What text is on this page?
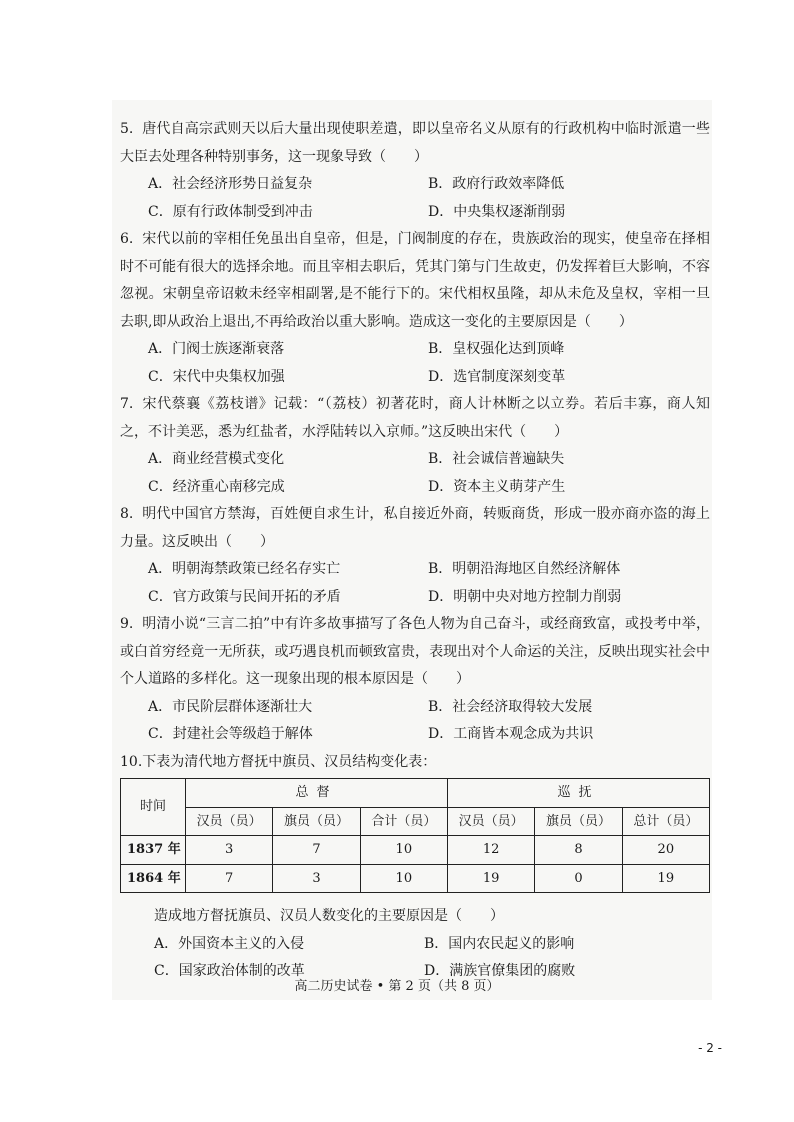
5. 唐代自高宗武则天以后大量出现使职差遣，即以皇帝名义从原有的行政机构中临时派遣一些大臣去处理各种特别事务，这一现象导致（　　）
A．社会经济形势日益复杂	B．政府行政效率降低
C．原有行政体制受到冲击	D．中央集权逐渐削弱
6. 宋代以前的宰相任免虽出自皇帝，但是，门阀制度的存在，贵族政治的现实，使皇帝在择相时不可能有很大的选择余地。而且宰相去职后，凭其门第与门生故吏，仍发挥着巨大影响，不容忽视。宋朝皇帝诏敕未经宰相副署,是不能行下的。宋代相权虽隆，却从未危及皇权，宰相一旦去职,即从政治上退出,不再给政治以重大影响。造成这一变化的主要原因是（　　）
A．门阀士族逐渐衰落	B．皇权强化达到顶峰
C．宋代中央集权加强	D．选官制度深刻变革
7. 宋代蔡襄《荔枝谱》记载：“（荔枝）初著花时，商人计林断之以立券。若后丰寡，商人知之，不计美恶，悉为红盐者，水浮陆转以入京师。”这反映出宋代（　　）
A．商业经营模式变化	B．社会诚信普遍缺失
C．经济重心南移完成	D．资本主义萌芽产生
8. 明代中国官方禁海，百姓便自求生计，私自接近外商，转贩商货，形成一股亦商亦盗的海上力量。这反映出（　　）
A．明朝海禁政策已经名存实亡	B．明朝沿海地区自然经济解体
C．官方政策与民间开拓的矛盾	D．明朝中央对地方控制力削弱
9. 明清小说“三言二拍”中有许多故事描写了各色人物为自己奋斗，或经商致富，或投考中举，或白首穷经竟一无所获，或巧遇良机而顿致富贵，表现出对个人命运的关注，反映出现实社会中个人道路的多样化。这一现象出现的根本原因是（　　）
A．市民阶层群体逐渐壮大	B．社会经济取得较大发展
C．封建社会等级趋于解体	D．工商皆本观念成为共识
10.下表为清代地方督抚中旗员、汉员结构变化表：
时间	总督			巡抚		
	汉员（员）	旗员（员）	合计（员）	汉员（员）	旗员（员）	总计（员）
1837 年	3	7	10	12	8	20
1864 年	7	3	10	19	0	19
造成地方督抚旗员、汉员人数变化的主要原因是（　　）
A．外国资本主义的入侵	B．国内农民起义的影响
C．国家政治体制的改革	D．满族官僚集团的腐败
高二历史试卷 • 第 2 页（共 8 页）
- 2 -
